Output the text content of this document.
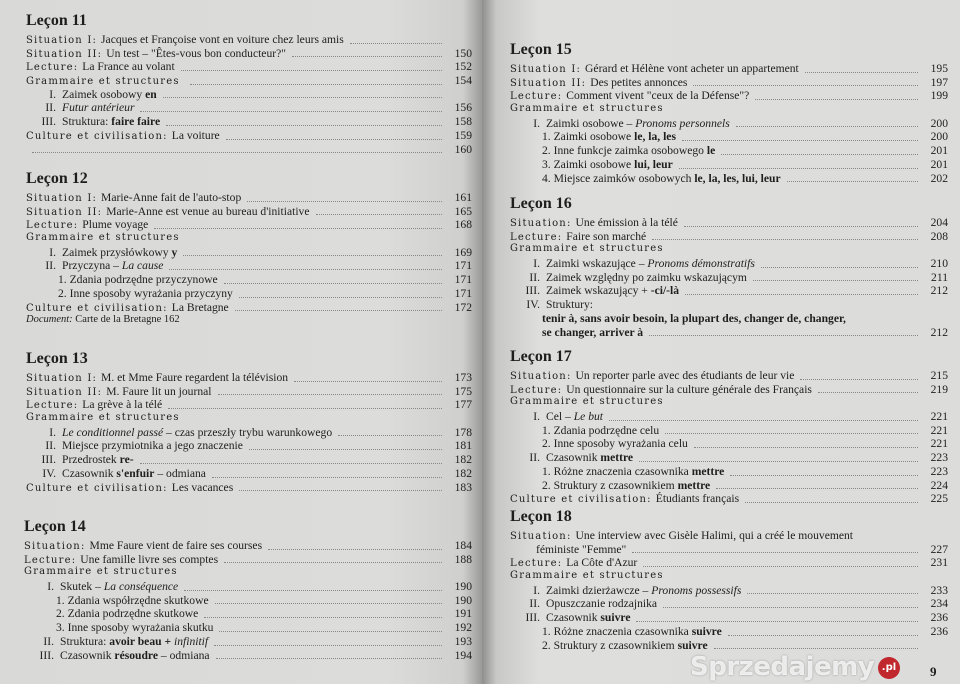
Leçon 11
Situation I: Jacques et Françoise vont en voiture chez leurs amis
Situation II: Un test – "Êtes-vous bon conducteur?"	150
Lecture: La France au volant	152
Grammaire et structures	154
I. Zaimek osobowy en
II. Futur antérieur	156
III. Struktura: faire faire	158
Culture et civilisation: La voiture	159
160
Leçon 12
Situation I: Marie-Anne fait de l'auto-stop	161
Situation II: Marie-Anne est venue au bureau d'initiative	165
Lecture: Plume voyage	168
Grammaire et structures
I. Zaimek przysłówkowy y	169
II. Przyczyna – La cause	171
1. Zdania podrzędne przyczynowe	171
2. Inne sposoby wyrażania przyczyny	171
Culture et civilisation: La Bretagne	172
Document: Carte de la Bretagne 162
Leçon 13
Situation I: M. et Mme Faure regardent la télévision	173
Situation II: M. Faure lit un journal	175
Lecture: La grève à la télé	177
Grammaire et structures
I. Le conditionnel passé – czas przeszły trybu warunkowego	178
II. Miejsce przymiotnika a jego znaczenie	181
III. Przedrostek re-	182
IV. Czasownik s'enfuir – odmiana	182
Culture et civilisation: Les vacances	183
Leçon 14
Situation: Mme Faure vient de faire ses courses	184
Lecture: Une famille livre ses comptes	188
Grammaire et structures
I. Skutek – La conséquence	190
1. Zdania współrzędne skutkowe	190
2. Zdania podrzędne skutkowe	191
3. Inne sposoby wyrażania skutku	192
II. Struktura: avoir beau + infinitif	193
III. Czasownik résoudre – odmiana	194
Leçon 15
Situation I: Gérard et Hélène vont acheter un appartement	195
Situation II: Des petites annonces	197
Lecture: Comment vivent "ceux de la Défense"?	199
Grammaire et structures
I. Zaimki osobowe – Pronoms personnels	200
1. Zaimki osobowe le, la, les	200
2. Inne funkcje zaimka osobowego le	201
3. Zaimki osobowe lui, leur	201
4. Miejsce zaimków osobowych le, la, les, lui, leur	202
Leçon 16
Situation: Une émission à la télé	204
Lecture: Faire son marché	208
Grammaire et structures
I. Zaimki wskazujące – Pronoms démonstratifs	210
II. Zaimek względny po zaimku wskazującym	211
III. Zaimek wskazujący + -ci/-là	212
IV. Struktury:
tenir à, sans avoir besoin, la plupart des, changer de, changer,
se changer, arriver à	212
Leçon 17
Situation: Un reporter parle avec des étudiants de leur vie	215
Lecture: Un questionnaire sur la culture générale des Français	219
Grammaire et structures
I. Cel – Le but	221
1. Zdania podrzędne celu	221
2. Inne sposoby wyrażania celu	221
II. Czasownik mettre	223
1. Różne znaczenia czasownika mettre	223
2. Struktury z czasownikiem mettre	224
Culture et civilisation: Étudiants français	225
Leçon 18
Situation: Une interview avec Gisèle Halimi, qui a créé le mouvement
féministe "Femme"	227
Lecture: La Côte d'Azur	231
Grammaire et structures
I. Zaimki dzierżawcze – Pronoms possessifs	233
II. Opuszczanie rodzajnika	234
III. Czasownik suivre	236
1. Różne znaczenia czasownika suivre	236
2. Struktury z czasownikiem suivre
Sprzedajemy .pl	9
